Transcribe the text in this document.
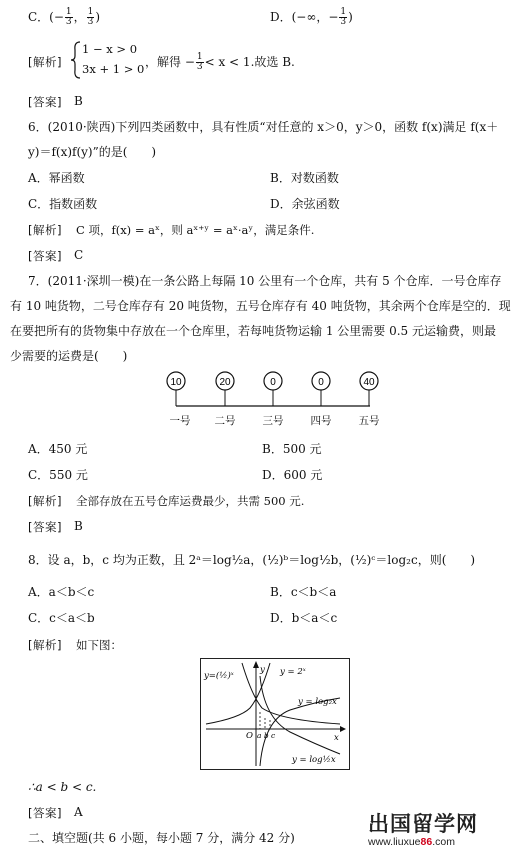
C．(− $\frac{1}{3}$ ， $\frac{1}{3}$ )	D．(−∞，− $\frac{1}{3}$ )
[解析]
1 − x > 0
3x + 1 > 0 ，解得 − $\frac{1}{3} < x < 1$.故选 B.
[答案] B
6．(2010·陕西)下列四类函数中，具有性质“对任意的 x＞0，y＞0，函数 f(x)满足 f(x＋
y)＝f(x)f(y)”的是(　　)
A．幂函数	B．对数函数
C．指数函数	D．余弦函数
[解析] C 项，f(x) = aˣ，则 aˣ⁺ʸ = aˣ·aʸ，满足条件.
[答案] C
7．(2011·深圳一模)在一条公路上每隔 10 公里有一个仓库，共有 5 个仓库．一号仓库存
有 10 吨货物，二号仓库存有 20 吨货物，五号仓库存有 40 吨货物，其余两个仓库是空的．现
在要把所有的货物集中存放在一个仓库里，若每吨货物运输 1 公里需要 0.5 元运输费，则最
少需要的运费是(　　)
10
一号
20
二号
0
三号
0
四号
40
五号
A．450 元	B．500 元
C．550 元	D．600 元
[解析] 全部存放在五号仓库运费最少，共需 500 元.
[答案] B
8．设 a，b，c 均为正数，且 2ᵃ＝log½a，(½)ᵇ＝log½b，(½)ᶜ＝log₂c，则(　　)
A．a＜b＜c	B．c＜b＜a
C．c＜a＜b	D．b＜a＜c
[解析] 如下图：
y=(½)ˣ	y = 2ˣ
y = log₂x
y = log½x
y
x
O a b c
∴a < b < c.
[答案] A
二、填空题(共 6 小题，每小题 7 分，满分 42 分)
出国留学网
www.liuxue86.com
